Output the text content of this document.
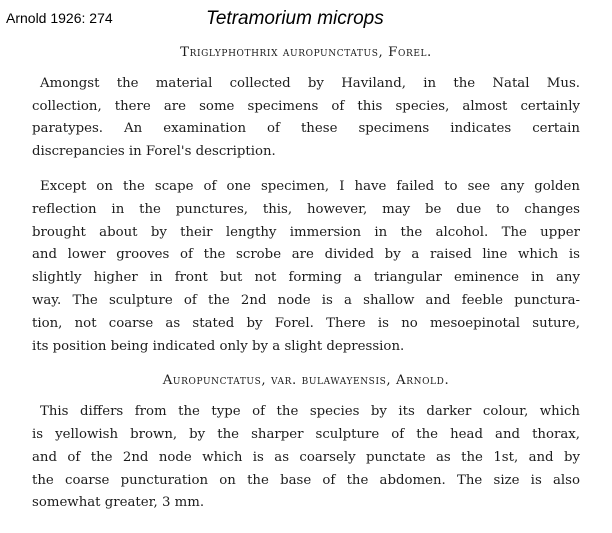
Arnold 1926: 274	Tetramorium microps
Triglyphothrix auropunctatus, Forel.
Amongst the material collected by Haviland, in the Natal Mus.
collection, there are some specimens of this species, almost certainly
paratypes. An examination of these specimens indicates certain
discrepancies in Forel's description.
Except on the scape of one specimen, I have failed to see any golden
reflection in the punctures, this, however, may be due to changes
brought about by their lengthy immersion in the alcohol. The upper
and lower grooves of the scrobe are divided by a raised line which is
slightly higher in front but not forming a triangular eminence in any
way. The sculpture of the 2nd node is a shallow and feeble punctura-
tion, not coarse as stated by Forel. There is no mesoepinotal suture,
its position being indicated only by a slight depression.
Auropunctatus, var. bulawayensis, Arnold.
This differs from the type of the species by its darker colour, which
is yellowish brown, by the sharper sculpture of the head and thorax,
and of the 2nd node which is as coarsely punctate as the 1st, and by
the coarse puncturation on the base of the abdomen. The size is also
somewhat greater, 3 mm.
